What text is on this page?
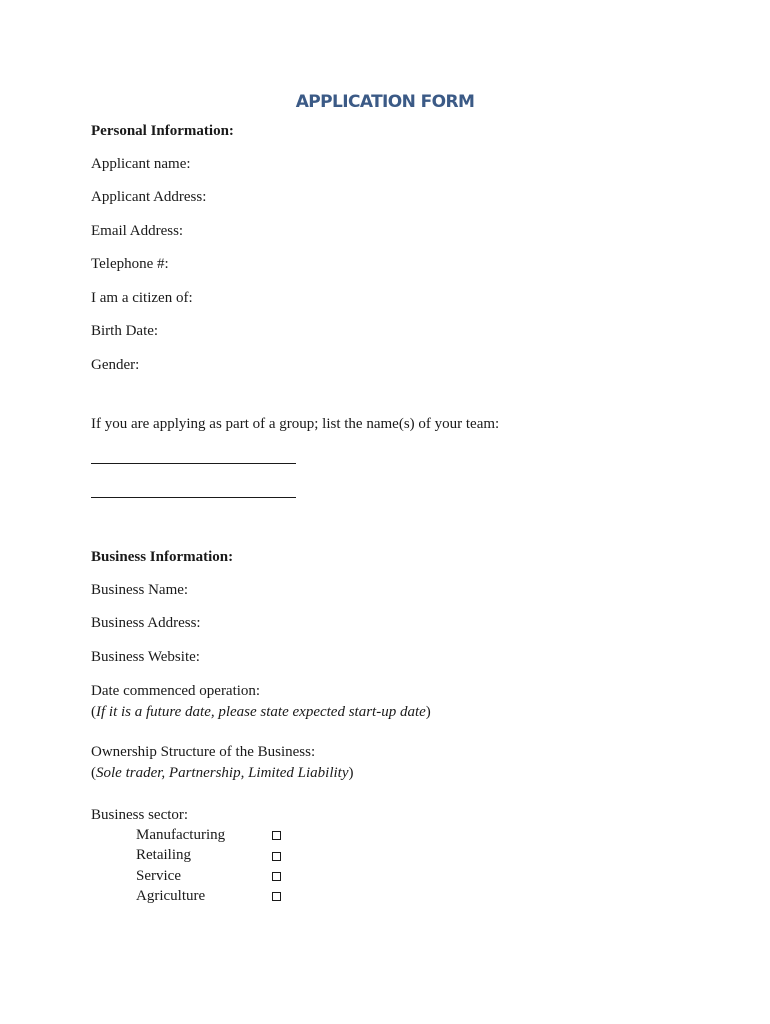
APPLICATION FORM
Personal Information:
Applicant name:
Applicant Address:
Email Address:
Telephone #:
I am a citizen of:
Birth Date:
Gender:
If you are applying as part of a group; list the name(s) of your team:
Business Information:
Business Name:
Business Address:
Business Website:
Date commenced operation:
(If it is a future date, please state expected start-up date)
Ownership Structure of the Business:
(Sole trader, Partnership, Limited Liability)
Business sector:
Manufacturing
Retailing
Service
Agriculture
